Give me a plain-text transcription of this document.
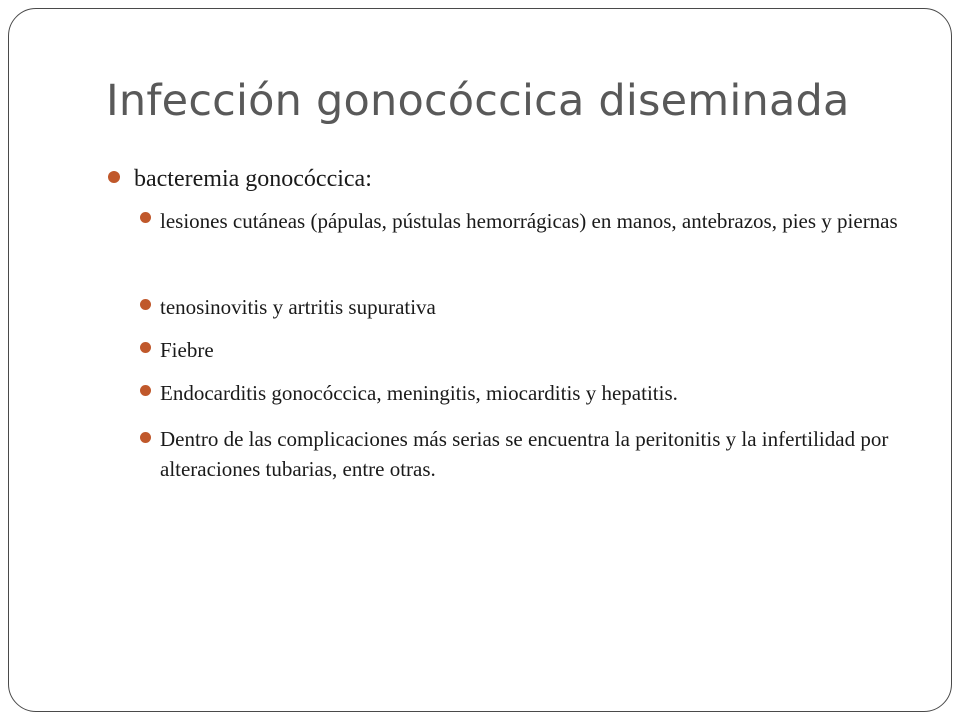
Infección gonocóccica diseminada
bacteremia gonocóccica:
lesiones cutáneas (pápulas, pústulas hemorrágicas) en manos, antebrazos, pies y piernas
tenosinovitis y artritis supurativa
Fiebre
Endocarditis gonocóccica, meningitis, miocarditis y hepatitis.
Dentro de las complicaciones más serias se encuentra la peritonitis y la infertilidad por alteraciones tubarias, entre otras.
